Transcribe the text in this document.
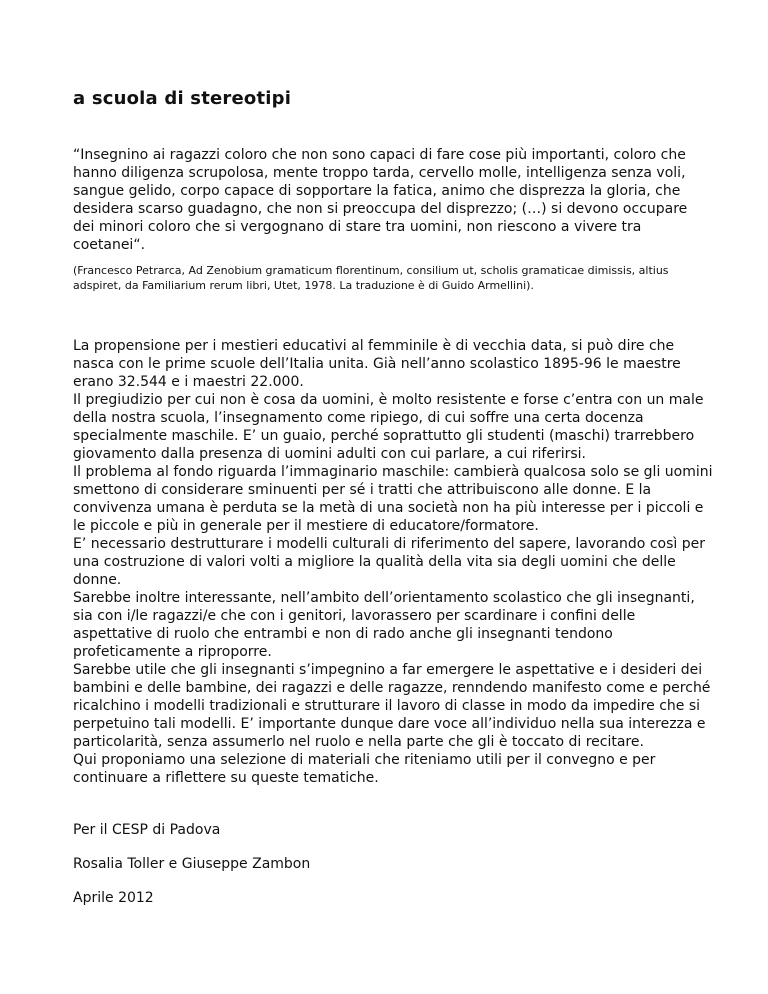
a scuola di stereotipi

“Insegnino ai ragazzi coloro che non sono capaci di fare cose più importanti, coloro che hanno diligenza scrupolosa, mente troppo tarda, cervello molle, intelligenza senza voli, sangue gelido, corpo capace di sopportare la fatica, animo che disprezza la gloria, che desidera scarso guadagno, che non si preoccupa del disprezzo; (…) si devono occupare dei minori coloro che si vergognano di stare tra uomini, non riescono a vivere tra coetanei“.

(Francesco Petrarca, Ad Zenobium gramaticum florentinum, consilium ut, scholis gramaticae dimissis, altius adspiret, da Familiarium rerum libri, Utet, 1978. La traduzione è di Guido Armellini).

La propensione per i mestieri educativi al femminile è di vecchia data, si può dire che nasca con le prime scuole dell’Italia unita. Già nell’anno scolastico 1895-96 le maestre erano 32.544 e i maestri 22.000.
Il pregiudizio per cui non è cosa da uomini, è molto resistente e forse c’entra con un male della nostra scuola, l’insegnamento come ripiego, di cui soffre una certa docenza specialmente maschile. E’ un guaio, perché soprattutto gli studenti (maschi) trarrebbero giovamento dalla presenza di uomini adulti con cui parlare, a cui riferirsi.
Il problema al fondo riguarda l’immaginario maschile: cambierà qualcosa solo se gli uomini smettono di considerare sminuenti per sé i tratti che attribuiscono alle donne. E la convivenza umana è perduta se la metà di una società non ha più interesse per i piccoli e le piccole e più in generale per il mestiere di educatore/formatore.
E’ necessario destrutturare i modelli culturali di riferimento del sapere, lavorando così per una costruzione di valori volti a migliore la qualità della vita sia degli uomini che delle donne.
Sarebbe inoltre interessante, nell’ambito dell’orientamento scolastico che gli insegnanti, sia con i/le ragazzi/e che con i genitori, lavorassero per scardinare i confini delle aspettative di ruolo che entrambi e non di rado anche gli insegnanti tendono profeticamente a riproporre.
Sarebbe utile che gli insegnanti s’impegnino a far emergere le aspettative e i desideri dei bambini e delle bambine, dei ragazzi e delle ragazze, renndendo manifesto come e perché ricalchino i modelli tradizionali e strutturare il lavoro di classe in modo da impedire che si perpetuino tali modelli. E’ importante dunque dare voce all’individuo nella sua interezza e particolarità, senza assumerlo nel ruolo e nella parte che gli è toccato di recitare.
Qui proponiamo una selezione di materiali che riteniamo utili per il convegno e per continuare a riflettere su queste tematiche.

Per il CESP di Padova

Rosalia Toller e Giuseppe Zambon

Aprile 2012
